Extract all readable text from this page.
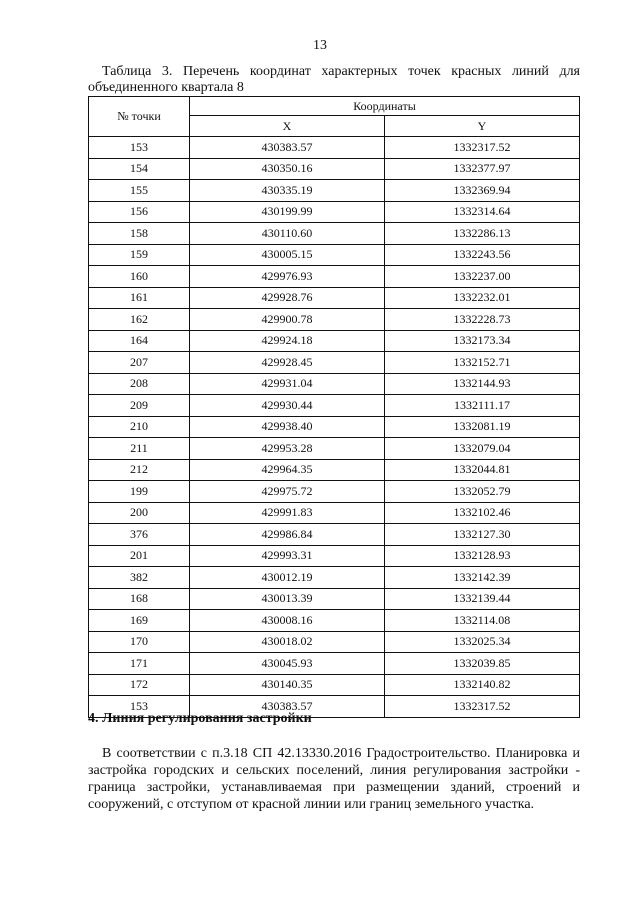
13
Таблица 3. Перечень координат характерных точек красных линий для объединенного квартала 8
№ точки	Координаты	
	X	Y
153	430383.57	1332317.52
154	430350.16	1332377.97
155	430335.19	1332369.94
156	430199.99	1332314.64
158	430110.60	1332286.13
159	430005.15	1332243.56
160	429976.93	1332237.00
161	429928.76	1332232.01
162	429900.78	1332228.73
164	429924.18	1332173.34
207	429928.45	1332152.71
208	429931.04	1332144.93
209	429930.44	1332111.17
210	429938.40	1332081.19
211	429953.28	1332079.04
212	429964.35	1332044.81
199	429975.72	1332052.79
200	429991.83	1332102.46
376	429986.84	1332127.30
201	429993.31	1332128.93
382	430012.19	1332142.39
168	430013.39	1332139.44
169	430008.16	1332114.08
170	430018.02	1332025.34
171	430045.93	1332039.85
172	430140.35	1332140.82
153	430383.57	1332317.52
4. Линия регулирования застройки
В соответствии с п.3.18 СП 42.13330.2016 Градостроительство. Планировка и застройка городских и сельских поселений, линия регулирования застройки - граница застройки, устанавливаемая при размещении зданий, строений и сооружений, с отступом от красной линии или границ земельного участка.
